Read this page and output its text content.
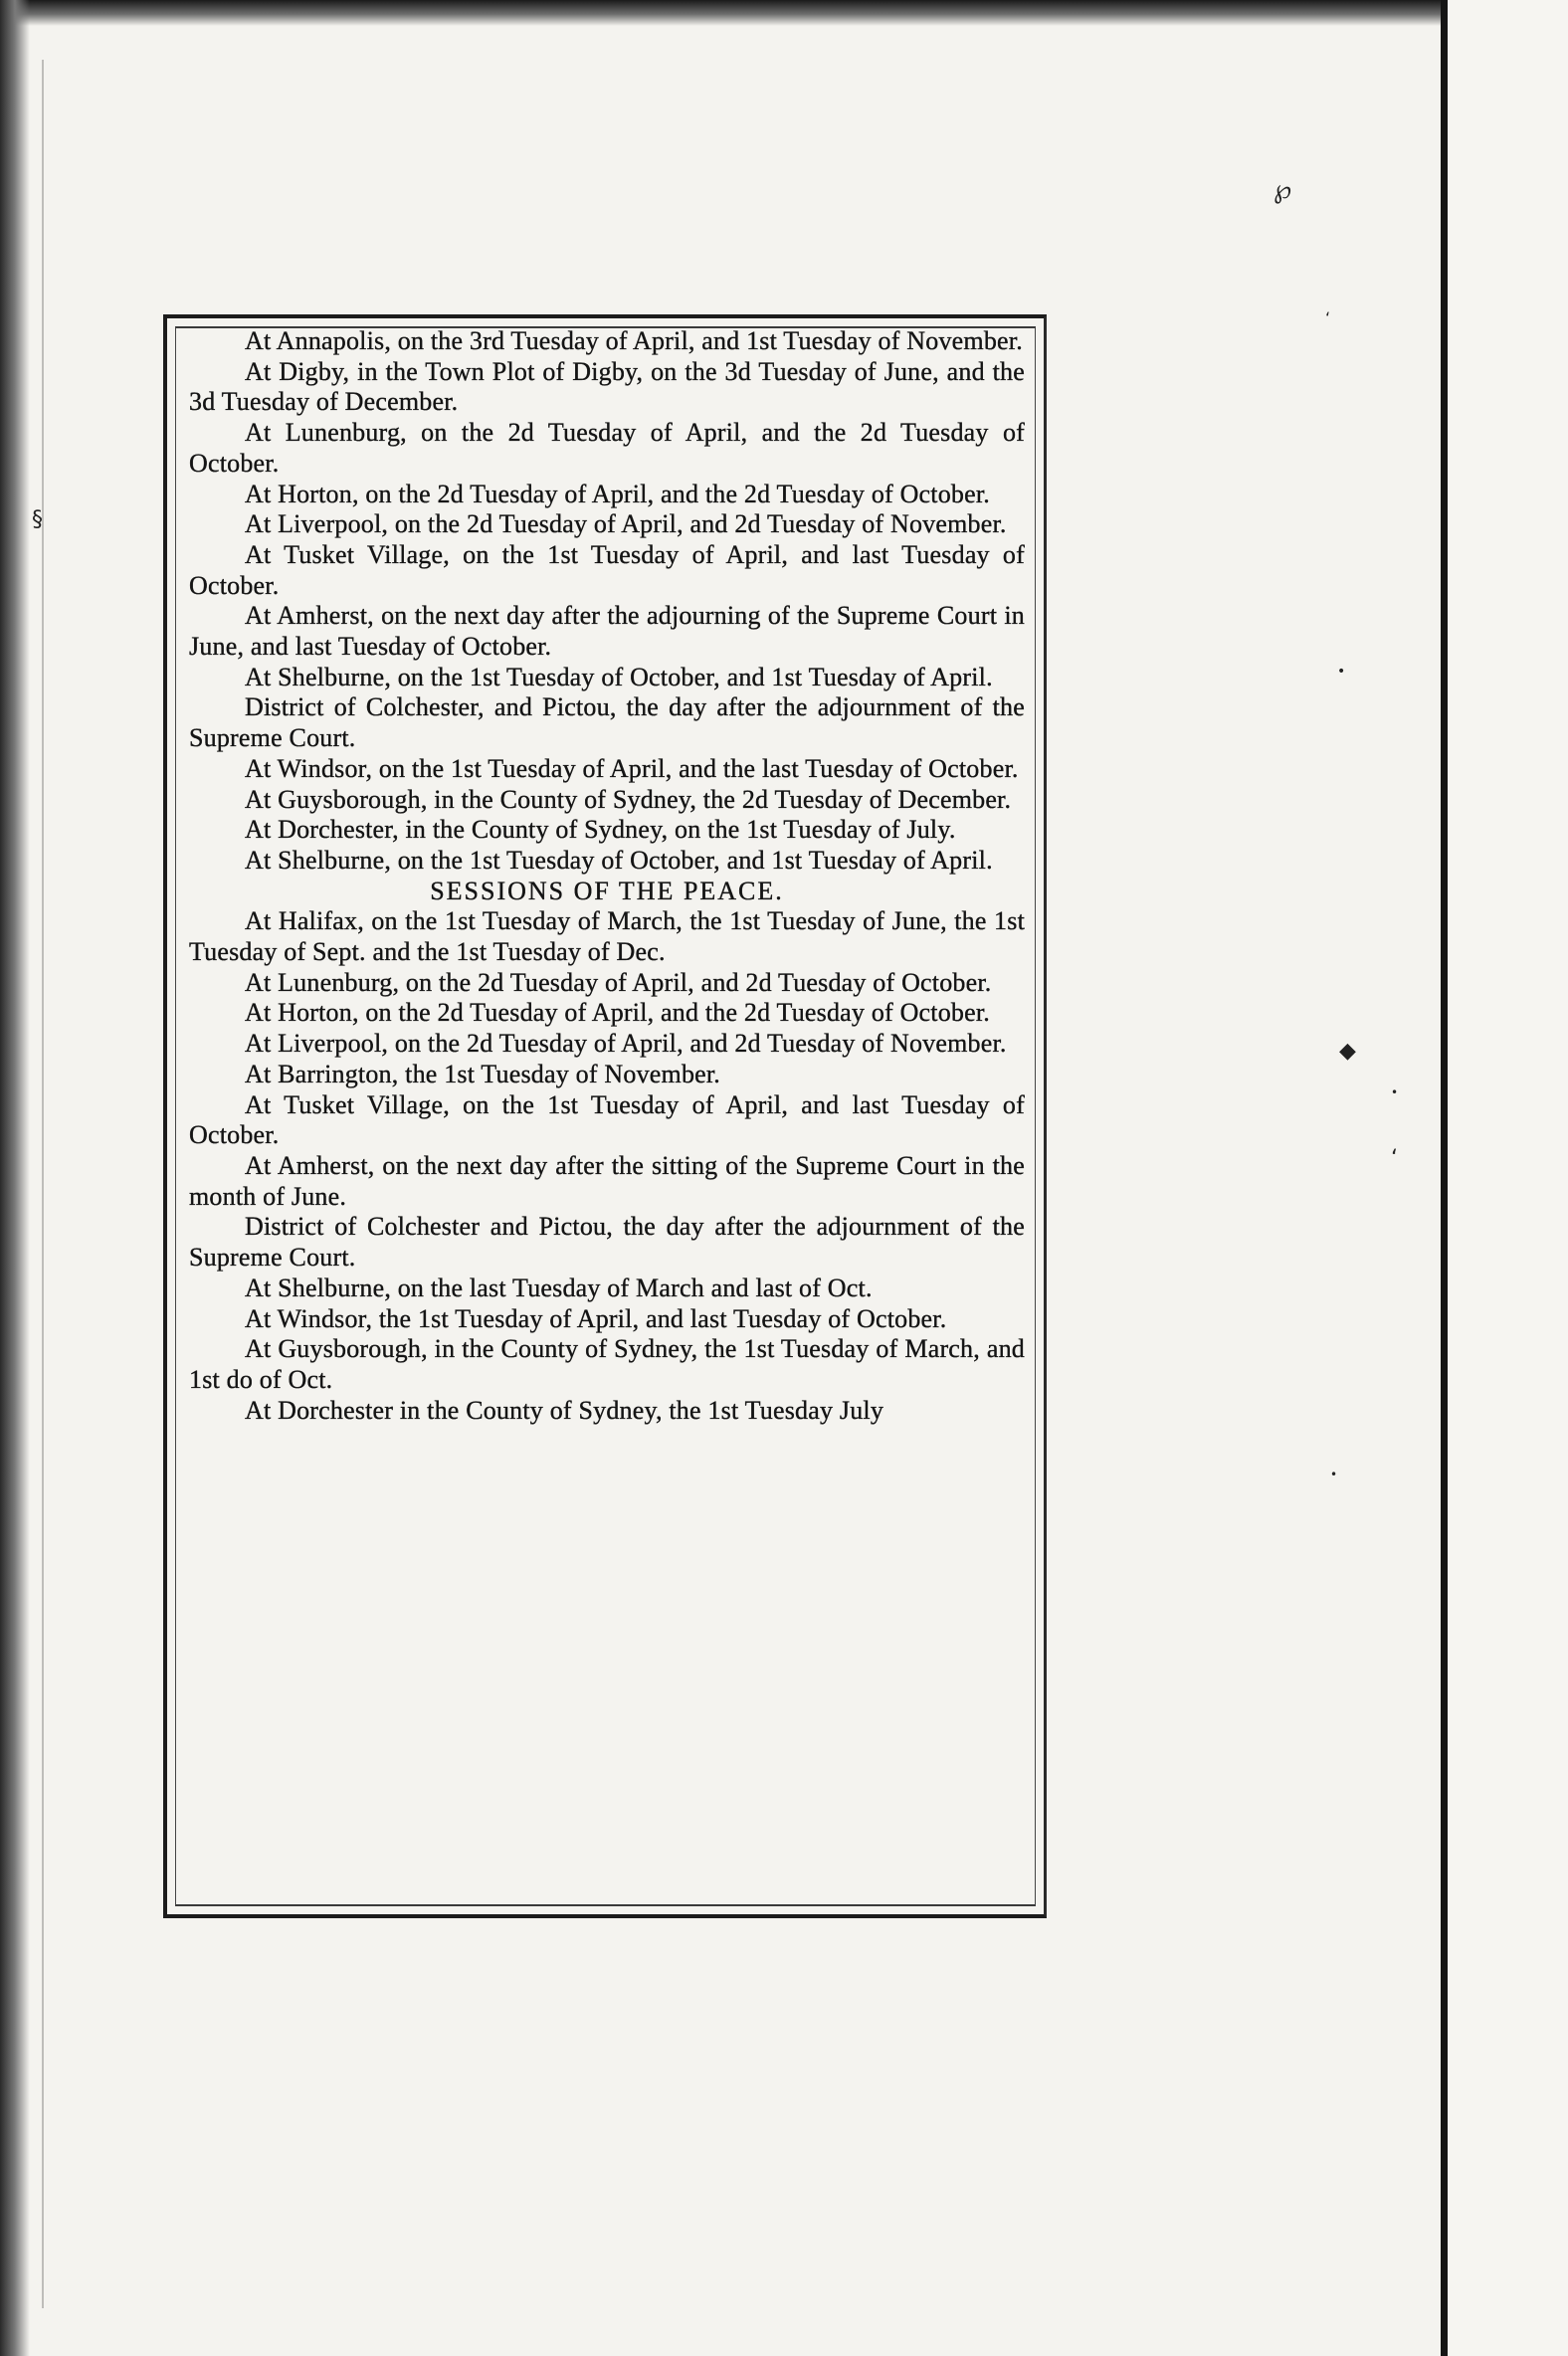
℘
‘
•
◆
•
‘
•
§

At Annapolis, on the 3rd Tuesday of April, and 1st Tuesday of November.

At Digby, in the Town Plot of Digby, on the 3d Tuesday of June, and the 3d Tuesday of December.

At Lunenburg, on the 2d Tuesday of April, and the 2d Tuesday of October.

At Horton, on the 2d Tuesday of April, and the 2d Tuesday of October.

At Liverpool, on the 2d Tuesday of April, and 2d Tuesday of November.

At Tusket Village, on the 1st Tuesday of April, and last Tuesday of October.

At Amherst, on the next day after the adjourning of the Supreme Court in June, and last Tuesday of October.

At Shelburne, on the 1st Tuesday of October, and 1st Tuesday of April.

District of Colchester, and Pictou, the day after the adjournment of the Supreme Court.

At Windsor, on the 1st Tuesday of April, and the last Tuesday of October.

At Guysborough, in the County of Sydney, the 2d Tuesday of December.

At Dorchester, in the County of Sydney, on the 1st Tuesday of July.

At Shelburne, on the 1st Tuesday of October, and 1st Tuesday of April.

SESSIONS OF THE PEACE.

At Halifax, on the 1st Tuesday of March, the 1st Tuesday of June, the 1st Tuesday of Sept. and the 1st Tuesday of Dec.

At Lunenburg, on the 2d Tuesday of April, and 2d Tuesday of October.

At Horton, on the 2d Tuesday of April, and the 2d Tuesday of October.

At Liverpool, on the 2d Tuesday of April, and 2d Tuesday of November.

At Barrington, the 1st Tuesday of November.

At Tusket Village, on the 1st Tuesday of April, and last Tuesday of October.

At Amherst, on the next day after the sitting of the Supreme Court in the month of June.

District of Colchester and Pictou, the day after the adjournment of the Supreme Court.

At Shelburne, on the last Tuesday of March and last of Oct.

At Windsor, the 1st Tuesday of April, and last Tuesday of October.

At Guysborough, in the County of Sydney, the 1st Tuesday of March, and 1st do of Oct.

At Dorchester in the County of Sydney, the 1st Tuesday July
